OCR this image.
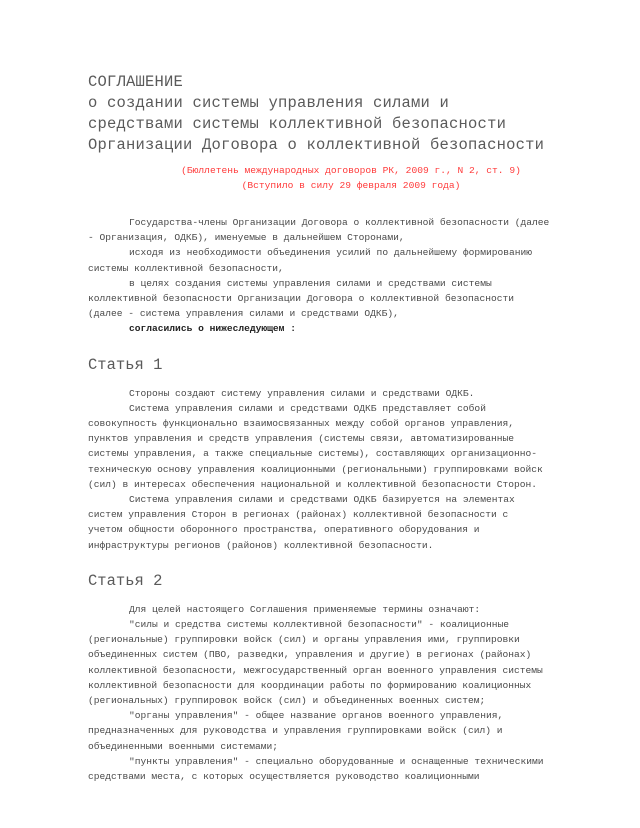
СОГЛАШЕНИЕ
о создании системы управления силами и
средствами системы коллективной безопасности
Организации Договора о коллективной безопасности
(Бюллетень международных договоров РК, 2009 г., N 2, ст. 9)
(Вступило в силу 29 февраля 2009 года)
Государства-члены Организации Договора о коллективной безопасности (далее
- Организация, ОДКБ), именуемые в дальнейшем Сторонами,
исходя из необходимости объединения усилий по дальнейшему формированию
системы коллективной безопасности,
в целях создания системы управления силами и средствами системы
коллективной безопасности Организации Договора о коллективной безопасности
(далее - система управления силами и средствами ОДКБ),
согласились о нижеследующем :
Статья 1
Стороны создают систему управления силами и средствами ОДКБ.
Система управления силами и средствами ОДКБ представляет собой
совокупность функционально взаимосвязанных между собой органов управления,
пунктов управления и средств управления (системы связи, автоматизированные
системы управления, а также специальные системы), составляющих организационно-
техническую основу управления коалиционными (региональными) группировками войск
(сил) в интересах обеспечения национальной и коллективной безопасности Сторон.
Система управления силами и средствами ОДКБ базируется на элементах
систем управления Сторон в регионах (районах) коллективной безопасности с
учетом общности оборонного пространства, оперативного оборудования и
инфраструктуры регионов (районов) коллективной безопасности.
Статья 2
Для целей настоящего Соглашения применяемые термины означают:
"силы и средства системы коллективной безопасности" - коалиционные
(региональные) группировки войск (сил) и органы управления ими, группировки
объединенных систем (ПВО, разведки, управления и другие) в регионах (районах)
коллективной безопасности, межгосударственный орган военного управления системы
коллективной безопасности для координации работы по формированию коалиционных
(региональных) группировок войск (сил) и объединенных военных систем;
"органы управления" - общее название органов военного управления,
предназначенных для руководства и управления группировками войск (сил) и
объединенными военными системами;
"пункты управления" - специально оборудованные и оснащенные техническими
средствами места, с которых осуществляется руководство коалиционными
